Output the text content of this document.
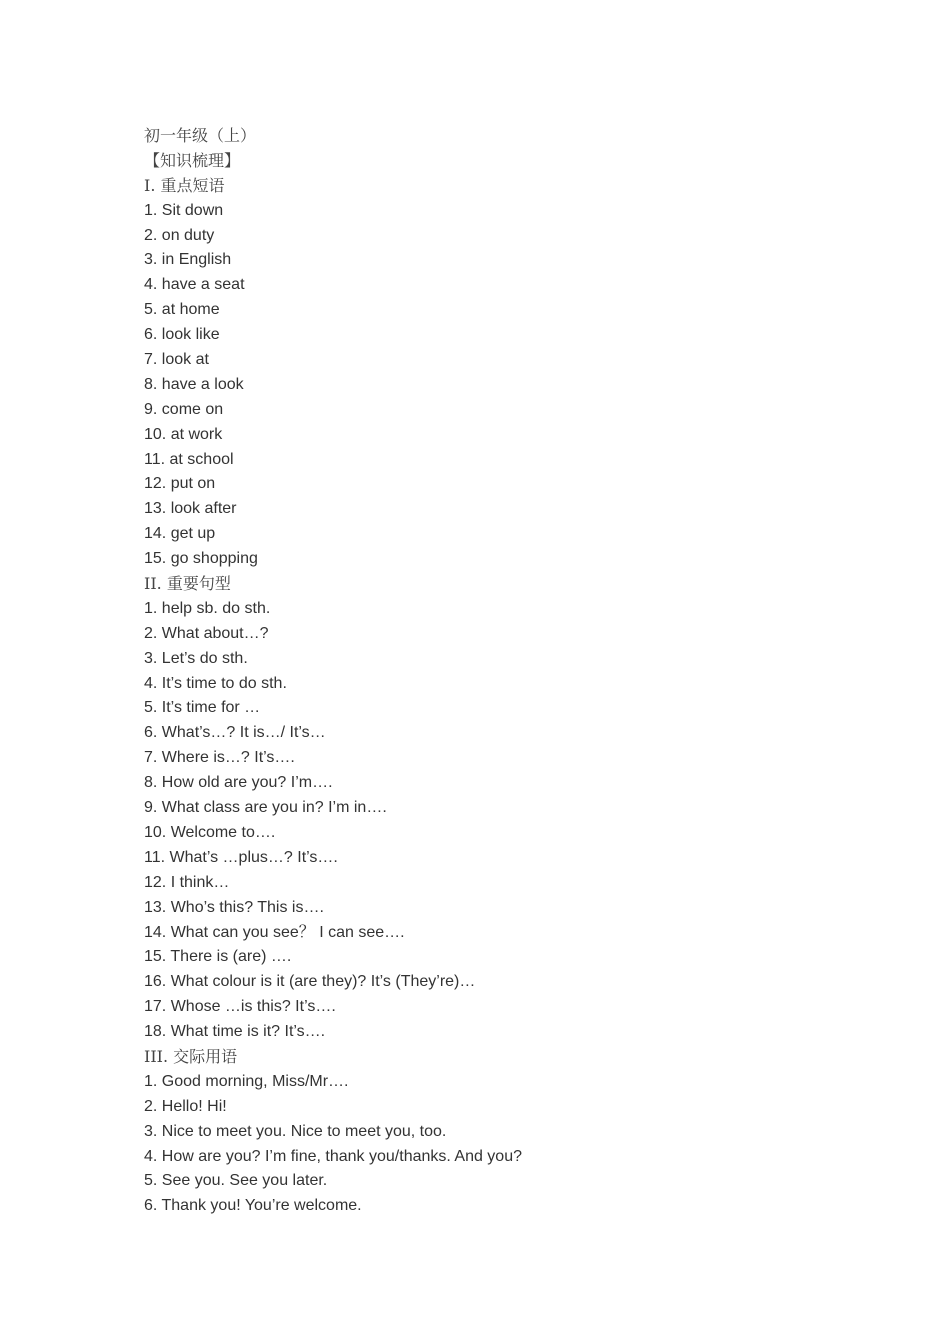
初一年级（上）
【知识梳理】
I. 重点短语
1. Sit down
2. on duty
3. in English
4. have a seat
5. at home
6. look like
7. look at
8. have a look
9. come on
10. at work
11. at school
12. put on
13. look after
14. get up
15. go shopping
II. 重要句型
1. help sb. do sth.
2. What about…?
3. Let’s do sth.
4. It’s time to do sth.
5. It’s time for …
6. What’s…? It is…/ It’s…
7. Where is…? It’s….
8. How old are you? I’m….
9. What class are you in? I’m in….
10. Welcome to….
11. What’s …plus…? It’s….
12. I think…
13. Who’s this? This is….
14. What can you see？ I can see….
15. There is (are) ….
16. What colour is it (are they)? It’s (They’re)…
17. Whose …is this? It’s….
18. What time is it? It’s….
III. 交际用语
1. Good morning, Miss/Mr….
2. Hello! Hi!
3. Nice to meet you. Nice to meet you, too.
4. How are you? I’m fine, thank you/thanks. And you?
5. See you. See you later.
6. Thank you! You’re welcome.
